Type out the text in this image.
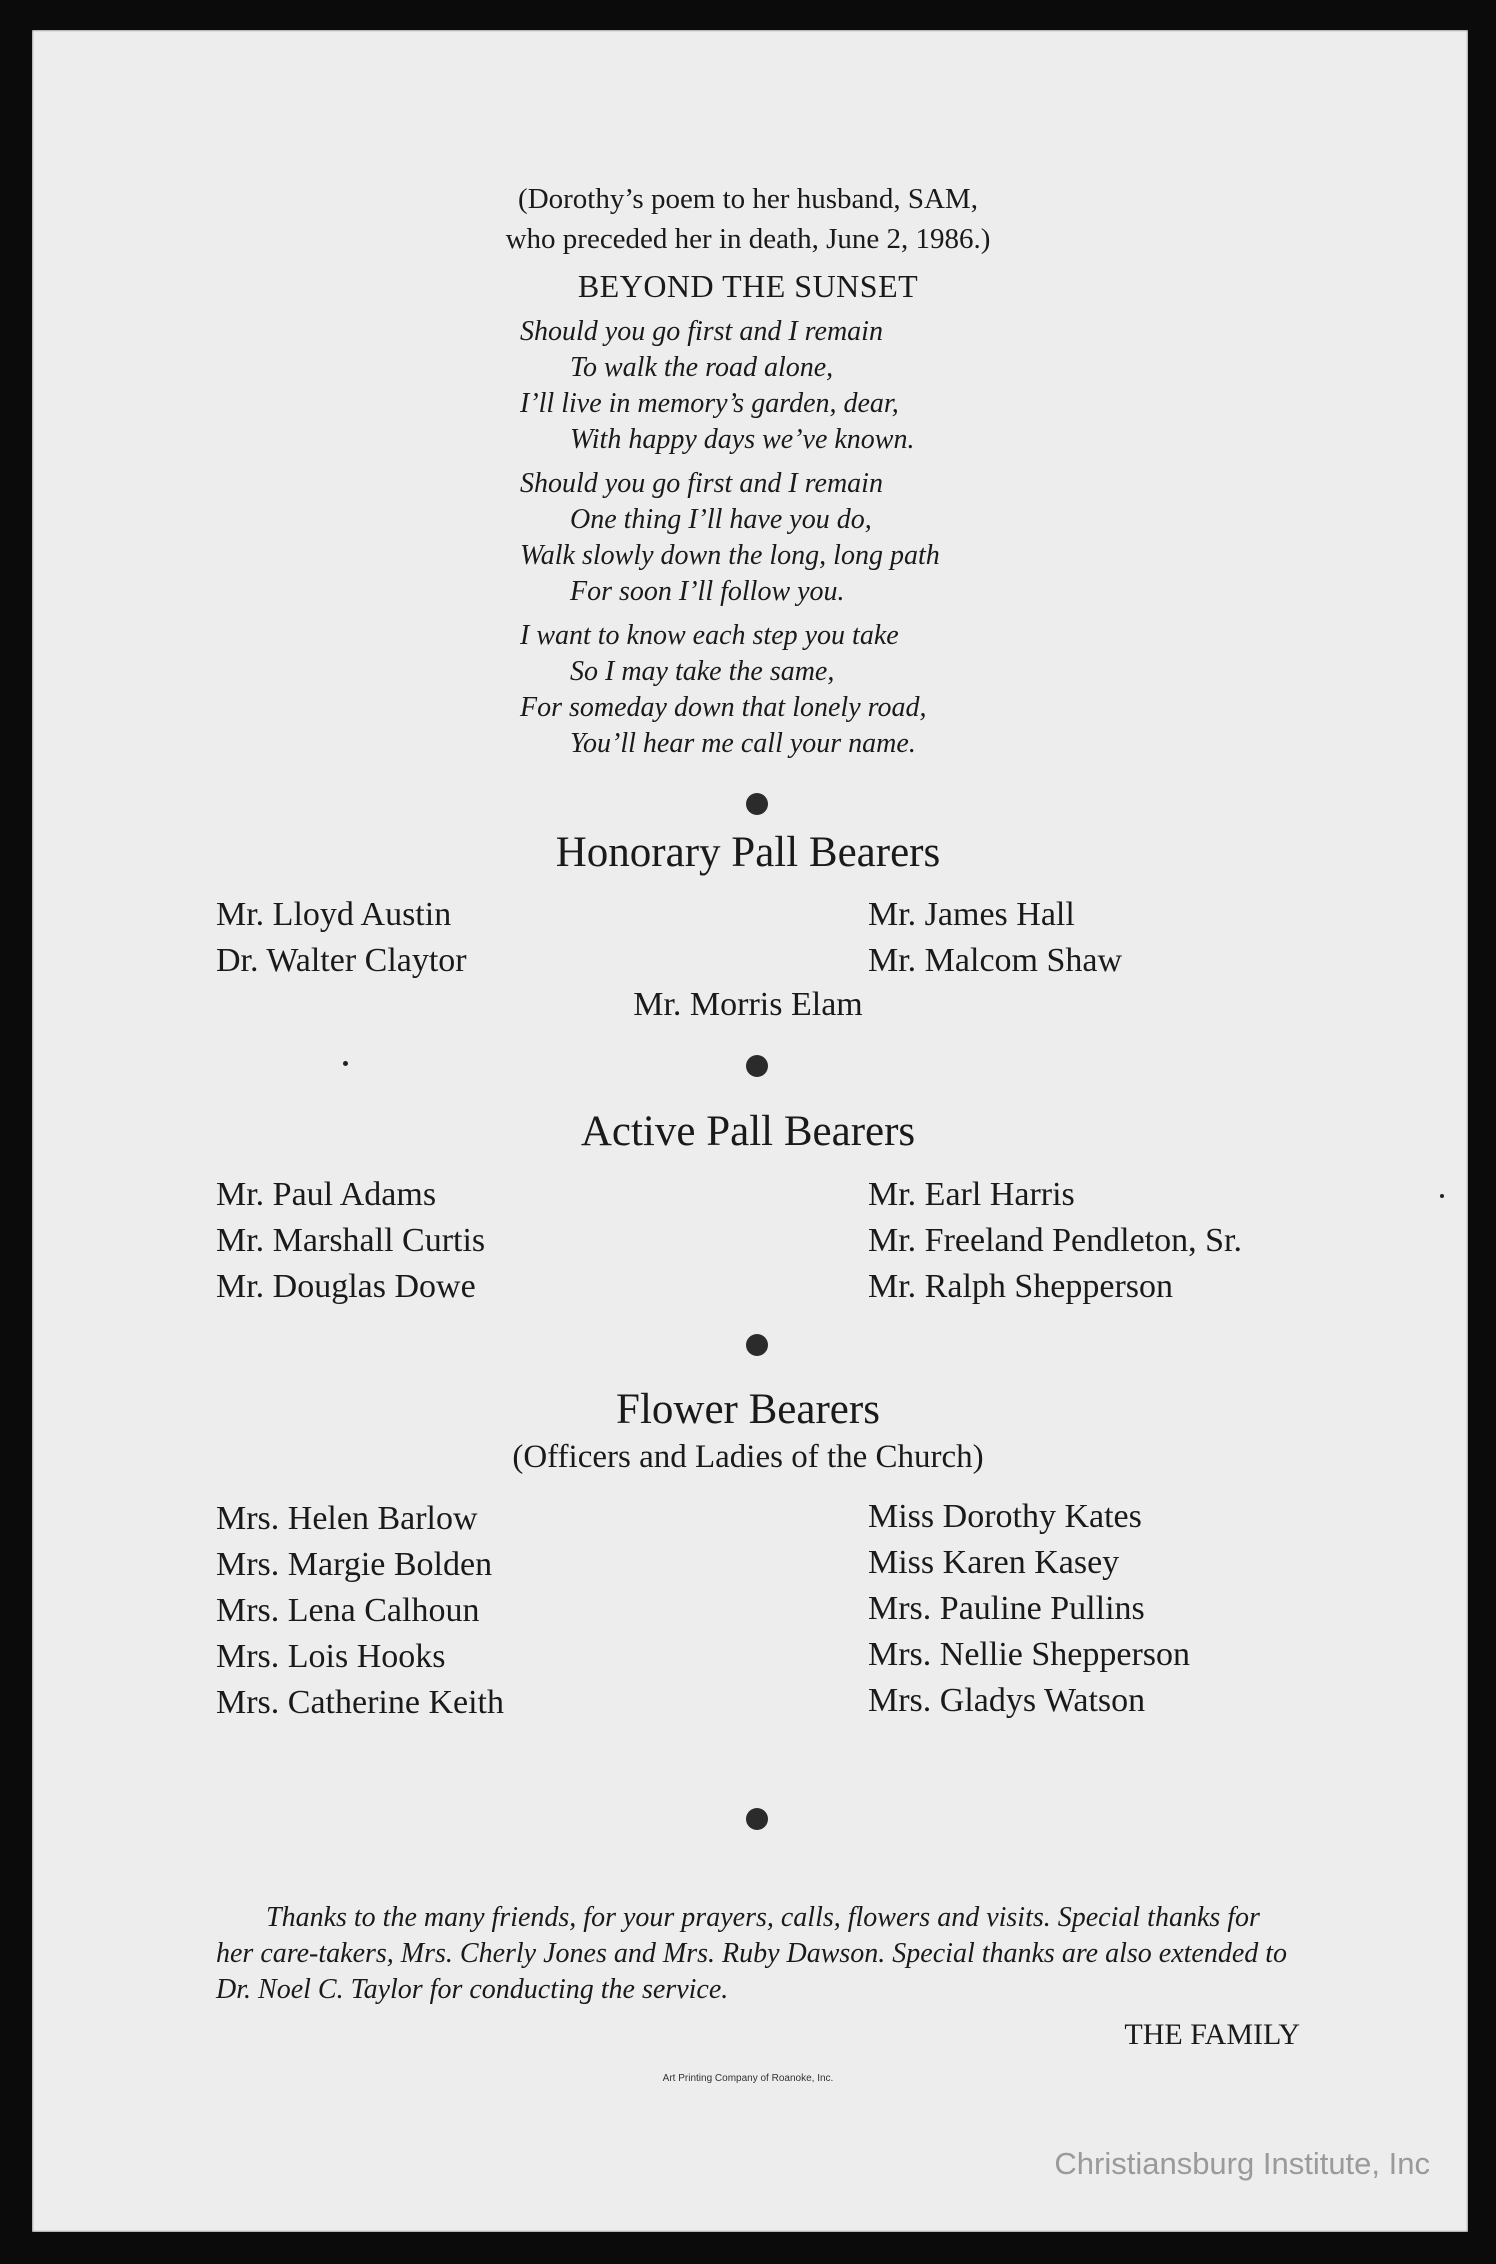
(Dorothy’s poem to her husband, SAM,
who preceded her in death, June 2, 1986.)
BEYOND THE SUNSET
Should you go first and I remain
To walk the road alone,
I’ll live in memory’s garden, dear,
With happy days we’ve known.
Should you go first and I remain
One thing I’ll have you do,
Walk slowly down the long, long path
For soon I’ll follow you.
I want to know each step you take
So I may take the same,
For someday down that lonely road,
You’ll hear me call your name.
Honorary Pall Bearers
Mr. Lloyd Austin
Dr. Walter Claytor
Mr. James Hall
Mr. Malcom Shaw
Mr. Morris Elam
Active Pall Bearers
Mr. Paul Adams
Mr. Marshall Curtis
Mr. Douglas Dowe
Mr. Earl Harris
Mr. Freeland Pendleton, Sr.
Mr. Ralph Shepperson
Flower Bearers
(Officers and Ladies of the Church)
Mrs. Helen Barlow
Mrs. Margie Bolden
Mrs. Lena Calhoun
Mrs. Lois Hooks
Mrs. Catherine Keith
Miss Dorothy Kates
Miss Karen Kasey
Mrs. Pauline Pullins
Mrs. Nellie Shepperson
Mrs. Gladys Watson
Thanks to the many friends, for your prayers, calls, flowers and visits. Special thanks for her care-takers, Mrs. Cherly Jones and Mrs. Ruby Dawson. Special thanks are also extended to Dr. Noel C. Taylor for conducting the service.
THE FAMILY
Art Printing Company of Roanoke, Inc.
Christiansburg Institute, Inc
